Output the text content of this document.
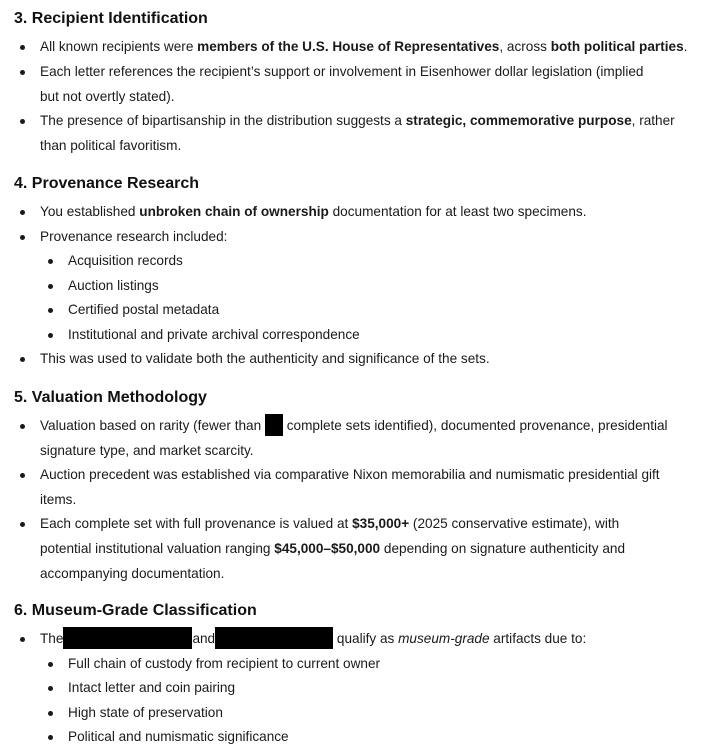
3. Recipient Identification
All known recipients were members of the U.S. House of Representatives, across both political parties.
Each letter references the recipient’s support or involvement in Eisenhower dollar legislation (implied
but not overtly stated).
The presence of bipartisanship in the distribution suggests a strategic, commemorative purpose, rather
than political favoritism.
4. Provenance Research
You established unbroken chain of ownership documentation for at least two specimens.
Provenance research included:
Acquisition records
Auction listings
Certified postal metadata
Institutional and private archival correspondence
This was used to validate both the authenticity and significance of the sets.
5. Valuation Methodology
Valuation based on rarity (fewer than  complete sets identified), documented provenance, presidential
signature type, and market scarcity.
Auction precedent was established via comparative Nixon memorabilia and numismatic presidential gift
items.
Each complete set with full provenance is valued at $35,000+ (2025 conservative estimate), with
potential institutional valuation ranging $45,000–$50,000 depending on signature authenticity and
accompanying documentation.
6. Museum-Grade Classification
The	and	qualify as museum-grade artifacts due to:
Full chain of custody from recipient to current owner
Intact letter and coin pairing
High state of preservation
Political and numismatic significance
